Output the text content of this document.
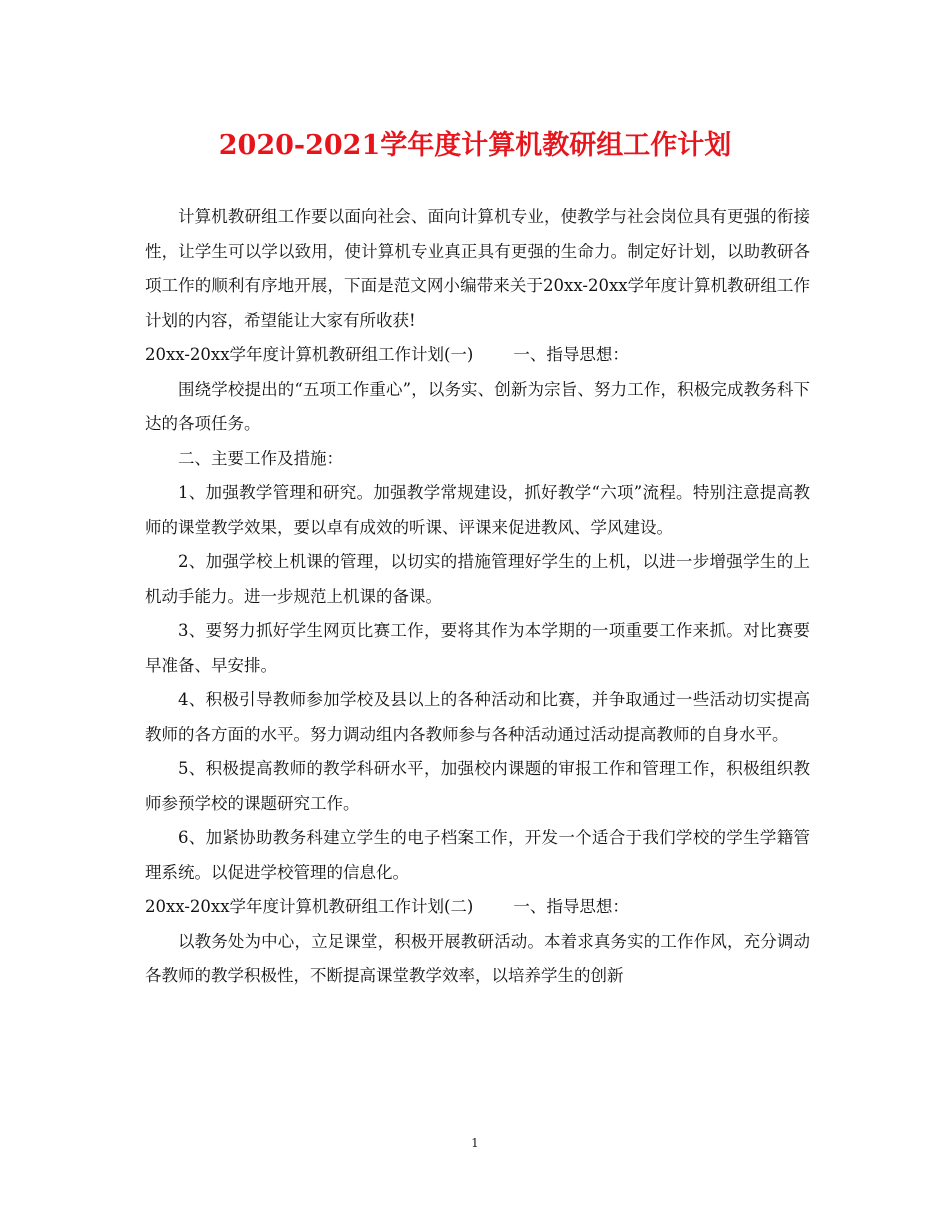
2020-2021学年度计算机教研组工作计划

计算机教研组工作要以面向社会、面向计算机专业，使教学与社会岗位具有更强的衔接性，让学生可以学以致用，使计算机专业真正具有更强的生命力。制定好计划，以助教研各项工作的顺利有序地开展，下面是范文网小编带来关于20xx-20xx学年度计算机教研组工作计划的内容，希望能让大家有所收获!

20xx-20xx学年度计算机教研组工作计划(一) 一、指导思想：

围绕学校提出的“五项工作重心”，以务实、创新为宗旨、努力工作，积极完成教务科下达的各项任务。

二、主要工作及措施：

1、加强教学管理和研究。加强教学常规建设，抓好教学“六项”流程。特别注意提高教师的课堂教学效果，要以卓有成效的听课、评课来促进教风、学风建设。

2、加强学校上机课的管理，以切实的措施管理好学生的上机，以进一步增强学生的上机动手能力。进一步规范上机课的备课。

3、要努力抓好学生网页比赛工作，要将其作为本学期的一项重要工作来抓。对比赛要早准备、早安排。

4、积极引导教师参加学校及县以上的各种活动和比赛，并争取通过一些活动切实提高教师的各方面的水平。努力调动组内各教师参与各种活动通过活动提高教师的自身水平。

5、积极提高教师的教学科研水平，加强校内课题的审报工作和管理工作，积极组织教师参预学校的课题研究工作。

6、加紧协助教务科建立学生的电子档案工作，开发一个适合于我们学校的学生学籍管理系统。以促进学校管理的信息化。

20xx-20xx学年度计算机教研组工作计划(二) 一、指导思想：

以教务处为中心，立足课堂，积极开展教研活动。本着求真务实的工作作风，充分调动各教师的教学积极性，不断提高课堂教学效率，以培养学生的创新

1
